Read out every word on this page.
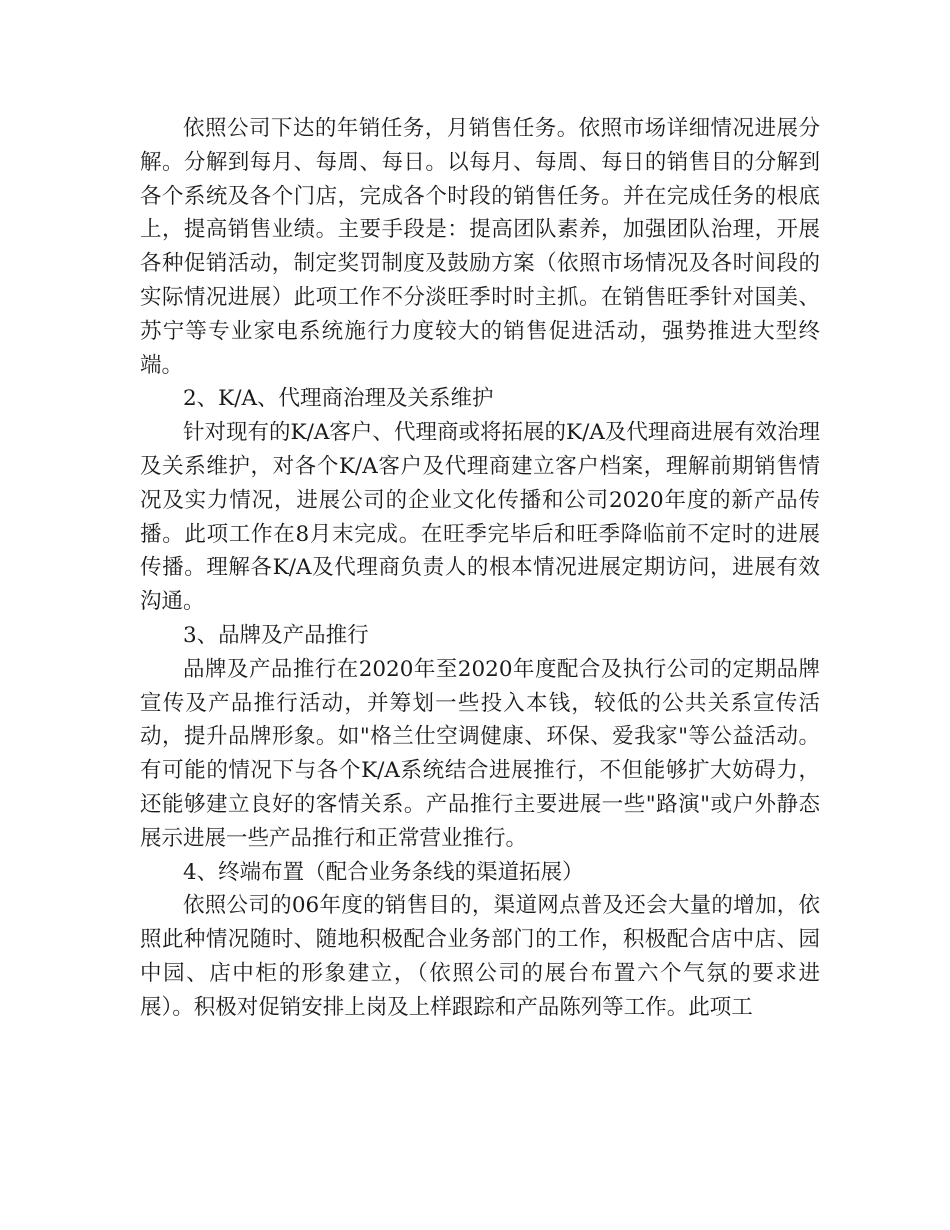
依照公司下达的年销任务，月销售任务。依照市场详细情况进展分解。分解到每月、每周、每日。以每月、每周、每日的销售目的分解到各个系统及各个门店，完成各个时段的销售任务。并在完成任务的根底上，提高销售业绩。主要手段是：提高团队素养，加强团队治理，开展各种促销活动，制定奖罚制度及鼓励方案（依照市场情况及各时间段的实际情况进展）此项工作不分淡旺季时时主抓。在销售旺季针对国美、苏宁等专业家电系统施行力度较大的销售促进活动，强势推进大型终端。

2、K/A、代理商治理及关系维护

针对现有的K/A客户、代理商或将拓展的K/A及代理商进展有效治理及关系维护，对各个K/A客户及代理商建立客户档案，理解前期销售情况及实力情况，进展公司的企业文化传播和公司2020年度的新产品传播。此项工作在8月末完成。在旺季完毕后和旺季降临前不定时的进展传播。理解各K/A及代理商负责人的根本情况进展定期访问，进展有效沟通。

3、品牌及产品推行

品牌及产品推行在2020年至2020年度配合及执行公司的定期品牌宣传及产品推行活动，并筹划一些投入本钱，较低的公共关系宣传活动，提升品牌形象。如"格兰仕空调健康、环保、爱我家"等公益活动。有可能的情况下与各个K/A系统结合进展推行，不但能够扩大妨碍力，还能够建立良好的客情关系。产品推行主要进展一些"路演"或户外静态展示进展一些产品推行和正常营业推行。

4、终端布置（配合业务条线的渠道拓展）

依照公司的06年度的销售目的，渠道网点普及还会大量的增加，依照此种情况随时、随地积极配合业务部门的工作，积极配合店中店、园中园、店中柜的形象建立，（依照公司的展台布置六个气氛的要求进展）。积极对促销安排上岗及上样跟踪和产品陈列等工作。此项工
